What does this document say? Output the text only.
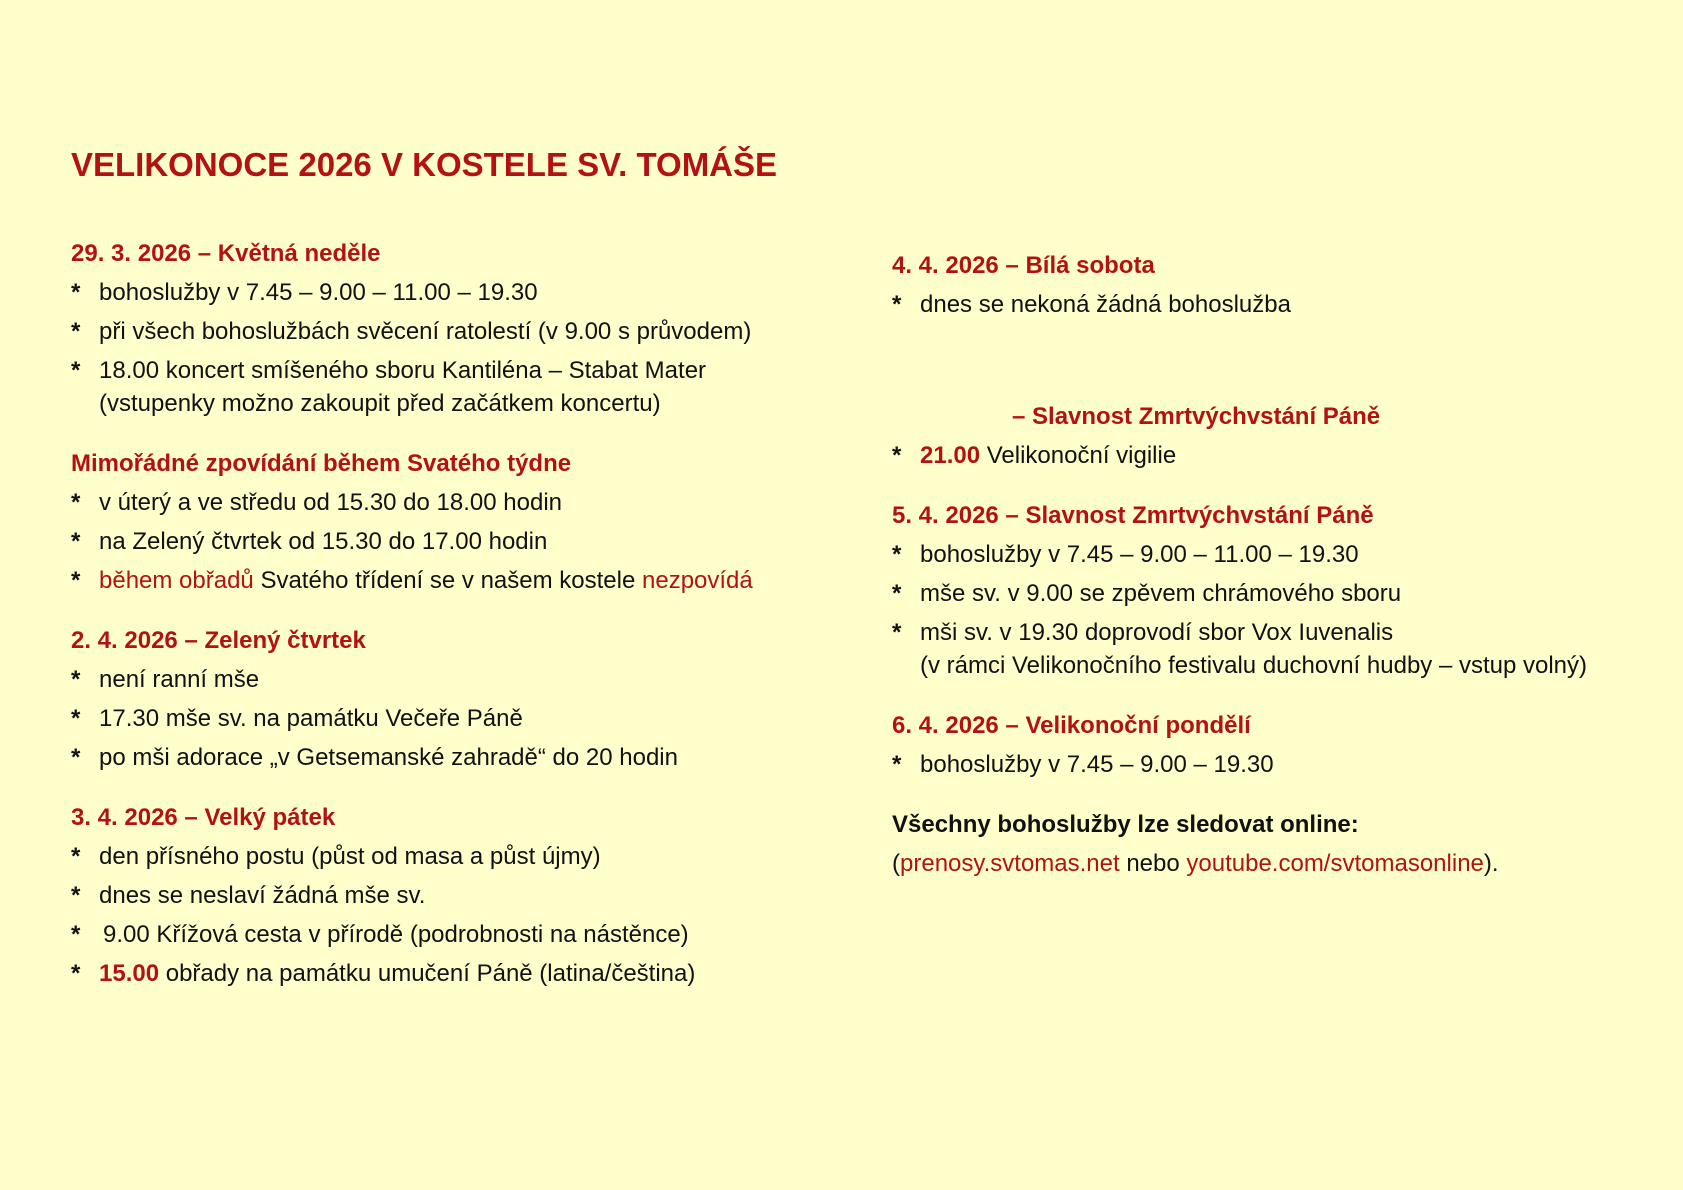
VELIKONOCE 2026 V KOSTELE SV. TOMÁŠE
29. 3. 2026 – Květná neděle
* bohoslužby v 7.45 – 9.00 – 11.00 – 19.30
* při všech bohoslužbách svěcení ratolestí (v 9.00 s průvodem)
* 18.00 koncert smíšeného sboru Kantiléna – Stabat Mater
(vstupenky možno zakoupit před začátkem koncertu)
Mimořádné zpovídání během Svatého týdne
* v úterý a ve středu od 15.30 do 18.00 hodin
* na Zelený čtvrtek od 15.30 do 17.00 hodin
* během obřadů Svatého třídení se v našem kostele nezpovídá
2. 4. 2026 – Zelený čtvrtek
* není ranní mše
* 17.30 mše sv. na památku Večeře Páně
* po mši adorace „v Getsemanské zahradě“ do 20 hodin
3. 4. 2026 – Velký pátek
* den přísného postu (půst od masa a půst újmy)
* dnes se neslaví žádná mše sv.
* 9.00 Křížová cesta v přírodě (podrobnosti na nástěnce)
* 15.00 obřady na památku umučení Páně (latina/čeština)
4. 4. 2026 – Bílá sobota
* dnes se nekoná žádná bohoslužba
– Slavnost Zmrtvýchvstání Páně
* 21.00 Velikonoční vigilie
5. 4. 2026 – Slavnost Zmrtvýchvstání Páně
* bohoslužby v 7.45 – 9.00 – 11.00 – 19.30
* mše sv. v 9.00 se zpěvem chrámového sboru
* mši sv. v 19.30 doprovodí sbor Vox Iuvenalis
(v rámci Velikonočního festivalu duchovní hudby – vstup volný)
6. 4. 2026 – Velikonoční pondělí
* bohoslužby v 7.45 – 9.00 – 19.30
Všechny bohoslužby lze sledovat online:
(prenosy.svtomas.net nebo youtube.com/svtomasonline).
